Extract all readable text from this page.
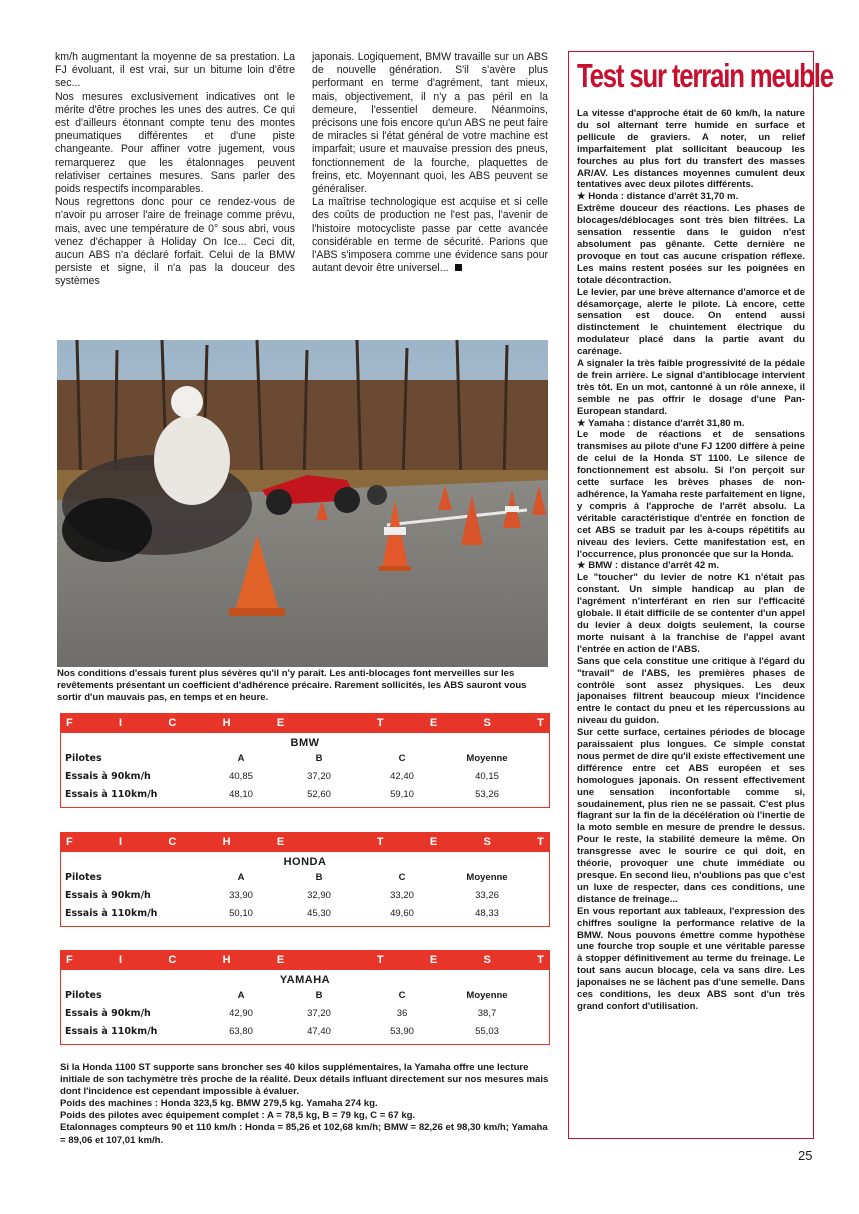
km/h augmentant la moyenne de sa prestation. La FJ évoluant, il est vrai, sur un bitume loin d'être sec...

Nos mesures exclusivement indicatives ont le mérite d'être proches les unes des autres. Ce qui est d'ailleurs étonnant compte tenu des montes pneumatiques différentes et d'une piste changeante. Pour affiner votre jugement, vous remarquerez que les étalonnages peuvent relativiser certaines mesures. Sans parler des poids respectifs incomparables.

Nous regrettons donc pour ce rendez-vous de n'avoir pu arroser l'aire de freinage comme prévu, mais, avec une température de 0° sous abri, vous venez d'échapper à Holiday On Ice... Ceci dit, aucun ABS n'a déclaré forfait. Celui de la BMW persiste et signe, il n'a pas la douceur des systèmes

japonais. Logiquement, BMW travaille sur un ABS de nouvelle génération. S'il s'avère plus performant en terme d'agrément, tant mieux, mais, objectivement, il n'y a pas péril en la demeure, l'essentiel demeure. Néanmoins, précisons une fois encore qu'un ABS ne peut faire de miracles si l'état général de votre machine est imparfait; usure et mauvaise pression des pneus, fonctionnement de la fourche, plaquettes de freins, etc. Moyennant quoi, les ABS peuvent se généraliser.

La maîtrise technologique est acquise et si celle des coûts de production ne l'est pas, l'avenir de l'histoire motocycliste passe par cette avancée considérable en terme de sécurité. Parions que l'ABS s'imposera comme une évidence sans pour autant devoir être universel...

Test sur terrain meuble

La vitesse d'approche était de 60 km/h, la nature du sol alternant terre humide en surface et pellicule de graviers. A noter, un relief imparfaitement plat sollicitant beaucoup les fourches au plus fort du transfert des masses AR/AV. Les distances moyennes cumulent deux tentatives avec deux pilotes différents.

★ Honda : distance d'arrêt 31,70 m.

Extrême douceur des réactions. Les phases de blocages/déblocages sont très bien filtrées. La sensation ressentie dans le guidon n'est absolument pas gênante. Cette dernière ne provoque en tout cas aucune crispation réflexe. Les mains restent posées sur les poignées en totale décontraction.

Le levier, par une brève alternance d'amorce et de désamorçage, alerte le pilote. Là encore, cette sensation est douce. On entend aussi distinctement le chuintement électrique du modulateur placé dans la partie avant du carénage.

A signaler la très faible progressivité de la pédale de frein arrière. Le signal d'antiblocage intervient très tôt. En un mot, cantonné à un rôle annexe, il semble ne pas offrir le dosage d'une Pan-European standard.

★ Yamaha : distance d'arrêt 31,80 m.

Le mode de réactions et de sensations transmises au pilote d'une FJ 1200 diffère à peine de celui de la Honda ST 1100. Le silence de fonctionnement est absolu. Si l'on perçoit sur cette surface les brèves phases de non-adhérence, la Yamaha reste parfaitement en ligne, y compris à l'approche de l'arrêt absolu. La véritable caractéristique d'entrée en fonction de cet ABS se traduit par les à-coups répétitifs au niveau des leviers. Cette manifestation est, en l'occurrence, plus prononcée que sur la Honda.

★ BMW : distance d'arrêt 42 m.

Le "toucher" du levier de notre K1 n'était pas constant. Un simple handicap au plan de l'agrément n'interférant en rien sur l'efficacité globale. Il était difficile de se contenter d'un appel du levier à deux doigts seulement, la course morte nuisant à la franchise de l'appel avant l'entrée en action de l'ABS.

Sans que cela constitue une critique à l'égard du "travail" de l'ABS, les premières phases de contrôle sont assez physiques. Les deux japonaises filtrent beaucoup mieux l'incidence entre le contact du pneu et les répercussions au niveau du guidon.

Sur cette surface, certaines périodes de blocage paraissaient plus longues. Ce simple constat nous permet de dire qu'il existe effectivement une différence entre cet ABS européen et ses homologues japonais. On ressent effectivement une sensation inconfortable comme si, soudainement, plus rien ne se passait. C'est plus flagrant sur la fin de la décélération où l'inertie de la moto semble en mesure de prendre le dessus. Pour le reste, la stabilité demeure la même. On transgresse avec le sourire ce qui doit, en théorie, provoquer une chute immédiate ou presque. En second lieu, n'oublions pas que c'est un luxe de respecter, dans ces conditions, une distance de freinage...

En vous reportant aux tableaux, l'expression des chiffres souligne la performance relative de la BMW. Nous pouvons émettre comme hypothèse une fourche trop souple et une véritable paresse à stopper définitivement au terme du freinage. Le tout sans aucun blocage, cela va sans dire. Les japonaises ne se lâchent pas d'une semelle. Dans ces conditions, les deux ABS sont d'un très grand confort d'utilisation.

Nos conditions d'essais furent plus sévères qu'il n'y paraît. Les anti-blocages font merveilles sur les revêtements présentant un coefficient d'adhérence précaire. Rarement sollicités, les ABS sauront vous sortir d'un mauvais pas, en temps et en heure.
F	I	C	H	E	T	E	S	T
BMW
Pilotes	A	B	C	Moyenne
Essais à 90km/h	40,85	37,20	42,40	40,15
Essais à 110km/h	48,10	52,60	59,10	53,26
F	I	C	H	E	T	E	S	T
HONDA
Pilotes	A	B	C	Moyenne
Essais à 90km/h	33,90	32,90	33,20	33,26
Essais à 110km/h	50,10	45,30	49,60	48,33
F	I	C	H	E	T	E	S	T
YAMAHA
Pilotes	A	B	C	Moyenne
Essais à 90km/h	42,90	37,20	36	38,7
Essais à 110km/h	63,80	47,40	53,90	55,03

Si la Honda 1100 ST supporte sans broncher ses 40 kilos supplémentaires, la Yamaha offre une lecture initiale de son tachymètre très proche de la réalité. Deux détails influant directement sur nos mesures mais dont l'incidence est cependant impossible à évaluer.

Poids des machines : Honda 323,5 kg. BMW 279,5 kg. Yamaha 274 kg.

Poids des pilotes avec équipement complet : A = 78,5 kg, B = 79 kg, C = 67 kg.

Etalonnages compteurs 90 et 110 km/h : Honda = 85,26 et 102,68 km/h; BMW = 82,26 et 98,30 km/h; Yamaha = 89,06 et 107,01 km/h.

25
